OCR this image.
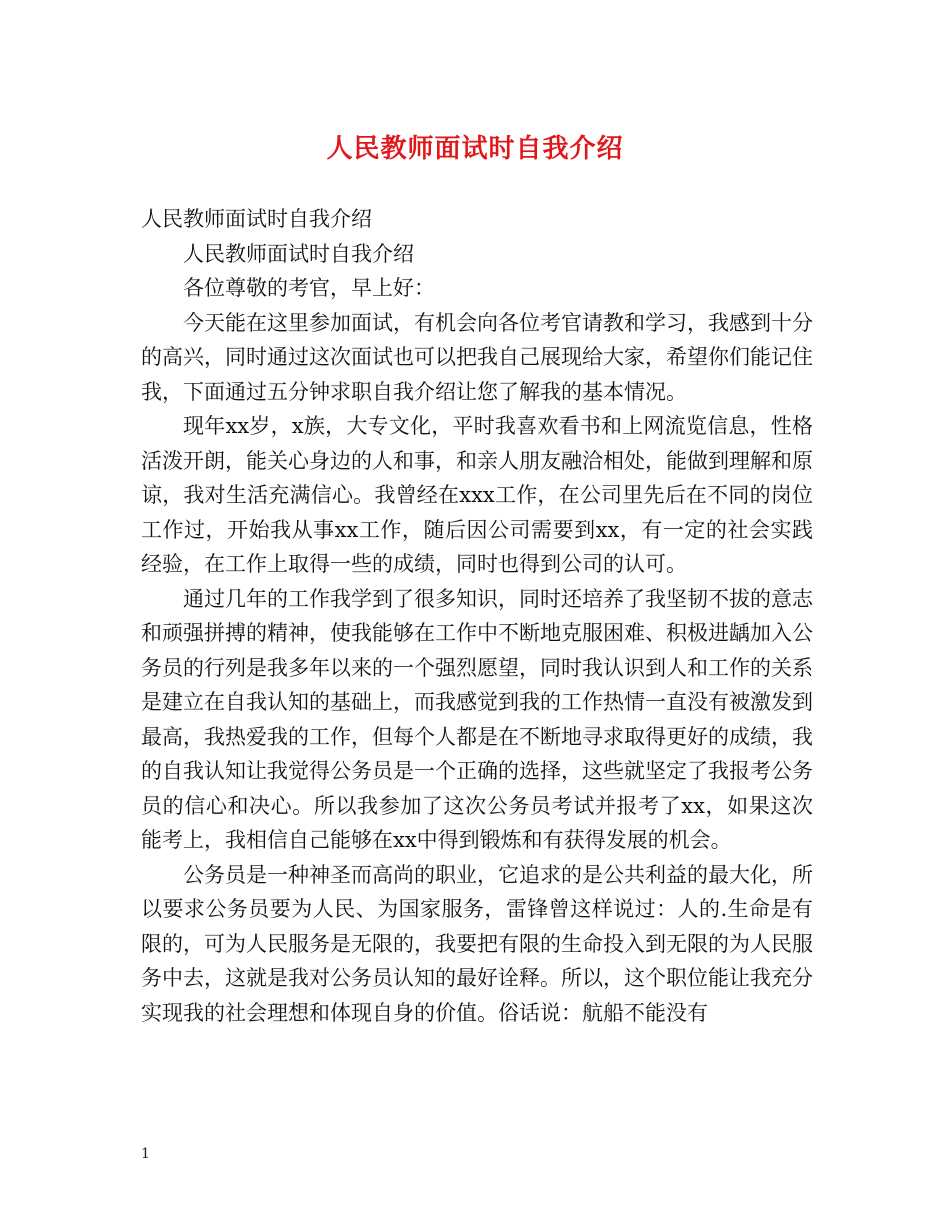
人民教师面试时自我介绍

人民教师面试时自我介绍

人民教师面试时自我介绍

各位尊敬的考官，早上好：

今天能在这里参加面试，有机会向各位考官请教和学习，我感到十分的高兴，同时通过这次面试也可以把我自己展现给大家，希望你们能记住我，下面通过五分钟求职自我介绍让您了解我的基本情况。

现年xx岁，x族，大专文化，平时我喜欢看书和上网流览信息，性格活泼开朗，能关心身边的人和事，和亲人朋友融洽相处，能做到理解和原谅，我对生活充满信心。我曾经在xxx工作，在公司里先后在不同的岗位工作过，开始我从事xx工作，随后因公司需要到xx，有一定的社会实践经验，在工作上取得一些的成绩，同时也得到公司的认可。

通过几年的工作我学到了很多知识，同时还培养了我坚韧不拔的意志和顽强拼搏的精神，使我能够在工作中不断地克服困难、积极进龋加入公务员的行列是我多年以来的一个强烈愿望，同时我认识到人和工作的关系是建立在自我认知的基础上，而我感觉到我的工作热情一直没有被激发到最高，我热爱我的工作，但每个人都是在不断地寻求取得更好的成绩，我的自我认知让我觉得公务员是一个正确的选择，这些就坚定了我报考公务员的信心和决心。所以我参加了这次公务员考试并报考了xx，如果这次能考上，我相信自己能够在xx中得到锻炼和有获得发展的机会。

公务员是一种神圣而高尚的职业，它追求的是公共利益的最大化，所以要求公务员要为人民、为国家服务，雷锋曾这样说过：人的.生命是有限的，可为人民服务是无限的，我要把有限的生命投入到无限的为人民服务中去，这就是我对公务员认知的最好诠释。所以，这个职位能让我充分实现我的社会理想和体现自身的价值。俗话说：航船不能没有

1
